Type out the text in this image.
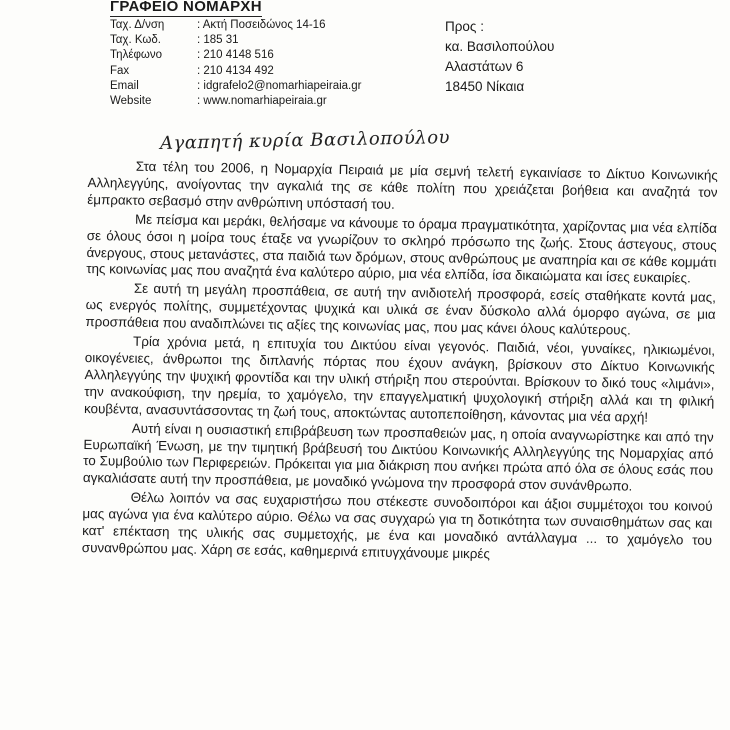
ΓΡΑΦΕΙΟ ΝΟΜΑΡΧΗ
Ταχ. Δ/νση	: Ακτή Ποσειδώνος 14-16
Ταχ. Κωδ.	: 185 31
Τηλέφωνο	: 210 4148 516
Fax	: 210 4134 492
Email	: idgrafelo2@nomarhiapeiraia.gr
Website	: www.nomarhiapeiraia.gr
Προς :
κα. Βασιλοπούλου
Αλαστάτων 6
18450 Νίκαια
Αγαπητή κυρία Βασιλοπούλου

Στα τέλη του 2006, η Νομαρχία Πειραιά με μία σεμνή τελετή εγκαινίασε το Δίκτυο Κοινωνικής Αλληλεγγύης, ανοίγοντας την αγκαλιά της σε κάθε πολίτη που χρειάζεται βοήθεια και αναζητά τον έμπρακτο σεβασμό στην ανθρώπινη υπόστασή του.

Με πείσμα και μεράκι, θελήσαμε να κάνουμε το όραμα πραγματικότητα, χαρίζοντας μια νέα ελπίδα σε όλους όσοι η μοίρα τους έταξε να γνωρίζουν το σκληρό πρόσωπο της ζωής. Στους άστεγους, στους άνεργους, στους μετανάστες, στα παιδιά των δρόμων, στους ανθρώπους με αναπηρία και σε κάθε κομμάτι της κοινωνίας μας που αναζητά ένα καλύτερο αύριο, μια νέα ελπίδα, ίσα δικαιώματα και ίσες ευκαιρίες.

Σε αυτή τη μεγάλη προσπάθεια, σε αυτή την ανιδιοτελή προσφορά, εσείς σταθήκατε κοντά μας, ως ενεργός πολίτης, συμμετέχοντας ψυχικά και υλικά σε έναν δύσκολο αλλά όμορφο αγώνα, σε μια προσπάθεια που αναδιπλώνει τις αξίες της κοινωνίας μας, που μας κάνει όλους καλύτερους.

Τρία χρόνια μετά, η επιτυχία του Δικτύου είναι γεγονός. Παιδιά, νέοι, γυναίκες, ηλικιωμένοι, οικογένειες, άνθρωποι της διπλανής πόρτας που έχουν ανάγκη, βρίσκουν στο Δίκτυο Κοινωνικής Αλληλεγγύης την ψυχική φροντίδα και την υλική στήριξη που στερούνται. Βρίσκουν το δικό τους «λιμάνι», την ανακούφιση, την ηρεμία, το χαμόγελο, την επαγγελματική ψυχολογική στήριξη αλλά και τη φιλική κουβέντα, ανασυντάσσοντας τη ζωή τους, αποκτώντας αυτοπεποίθηση, κάνοντας μια νέα αρχή!

Αυτή είναι η ουσιαστική επιβράβευση των προσπαθειών μας, η οποία αναγνωρίστηκε και από την Ευρωπαϊκή Ένωση, με την τιμητική βράβευσή του Δικτύου Κοινωνικής Αλληλεγγύης της Νομαρχίας από το Συμβούλιο των Περιφερειών. Πρόκειται για μια διάκριση που ανήκει πρώτα από όλα σε όλους εσάς που αγκαλιάσατε αυτή την προσπάθεια, με μοναδικό γνώμονα την προσφορά στον συνάνθρωπο.

Θέλω λοιπόν να σας ευχαριστήσω που στέκεστε συνοδοιπόροι και άξιοι συμμέτοχοι του κοινού μας αγώνα για ένα καλύτερο αύριο. Θέλω να σας συγχαρώ για τη δοτικότητα των συναισθημάτων σας και κατ' επέκταση της υλικής σας συμμετοχής, με ένα και μοναδικό αντάλλαγμα ... το χαμόγελο του συνανθρώπου μας. Χάρη σε εσάς, καθημερινά επιτυγχάνουμε μικρές
